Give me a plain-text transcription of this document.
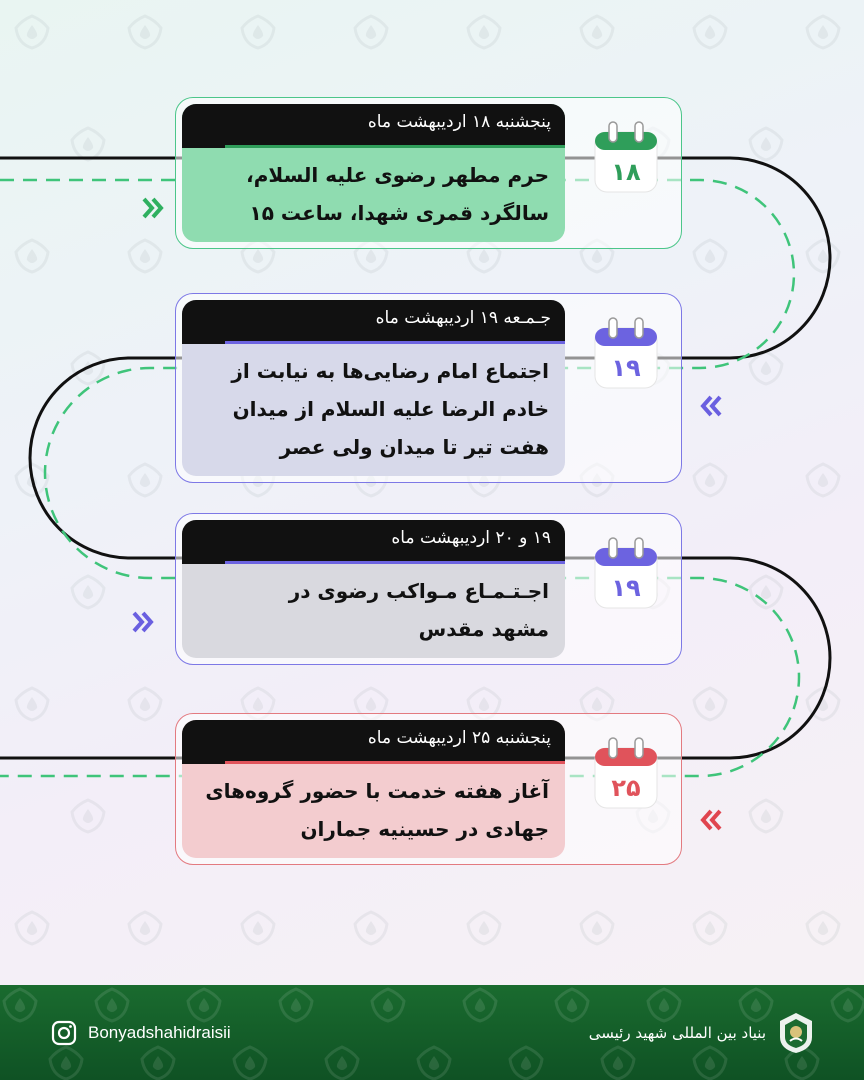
پنجشنبه ۱۸ اردیبهشت ماه
حرم مطهر رضوی علیه السلام،
سالگرد قمری شهدا، ساعت ۱۵
۱۸
جـمـعه ۱۹ اردیبهشت ماه
اجتماع امام رضایی‌ها به نیابت از
خادم الرضا علیه السلام از میدان
هفت تیر تا میدان ولی عصر
۱۹
۱۹ و ۲۰ اردیبهشت ماه
اجـتـمـاع مـواکب رضوی در
مشهد مقدس
۱۹
پنجشنبه ۲۵ اردیبهشت ماه
آغاز هفته خدمت با حضور گروه‌های
جهادی در حسینیه جماران
۲۵
Bonyadshahidraisii	بنیاد بین المللی شهید رئیسی
